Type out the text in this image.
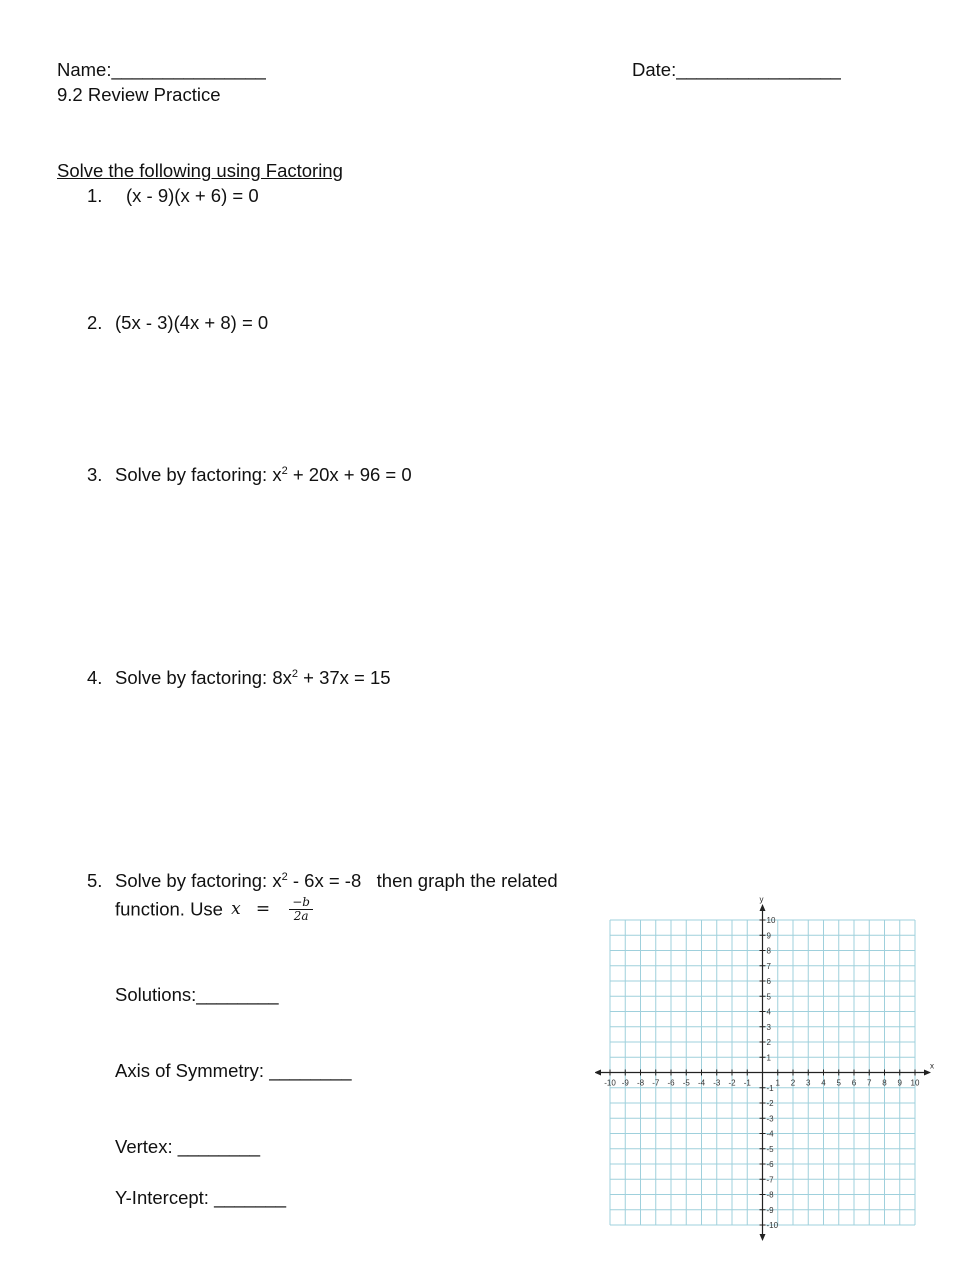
Name:_______________	Date:________________
9.2 Review Practice
Solve the following using Factoring
1. (x - 9)(x + 6) = 0
2. (5x - 3)(4x + 8) = 0
3. Solve by factoring: $x^2 + 20x + 96 = 0$
4. Solve by factoring: $8x^2 + 37x = 15$
5. Solve by factoring: $x^2 - 6x = -8$   then graph the related
function. Use $x = \frac{-b}{2a}$
Solutions:________
Axis of Symmetry: ________
Vertex: ________
Y-Intercept: _______
x
y
-10 -9 -8 -7 -6 -5 -4 -3 -2 -1	1 2 3 4 5 6 7 8 9 10
10
9
8
7
6
5
4
3
2
1
-1
-2
-3
-4
-5
-6
-7
-8
-9
-10
